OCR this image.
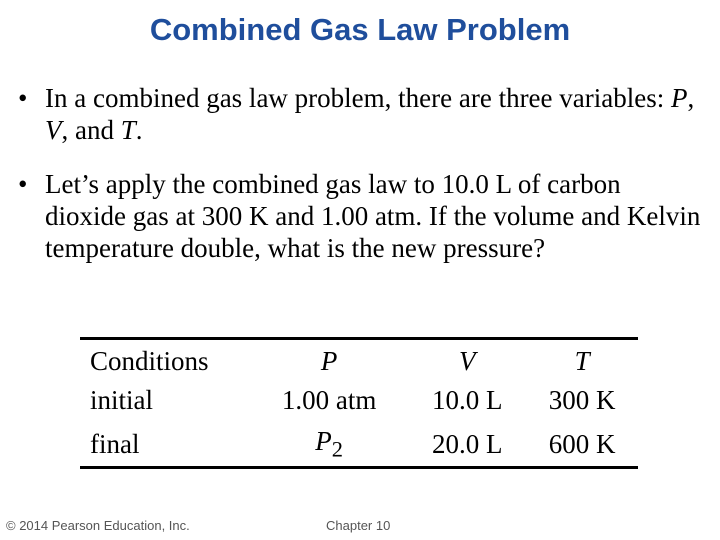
Combined Gas Law Problem
• In a combined gas law problem, there are three variables: P, V, and T.
• Let’s apply the combined gas law to 10.0 L of carbon dioxide gas at 300 K and 1.00 atm. If the volume and Kelvin temperature double, what is the new pressure?
Conditions	P	V	T
initial	1.00 atm	10.0 L	300 K
final	$P_2$	20.0 L	600 K
© 2014 Pearson Education, Inc.	Chapter 10
